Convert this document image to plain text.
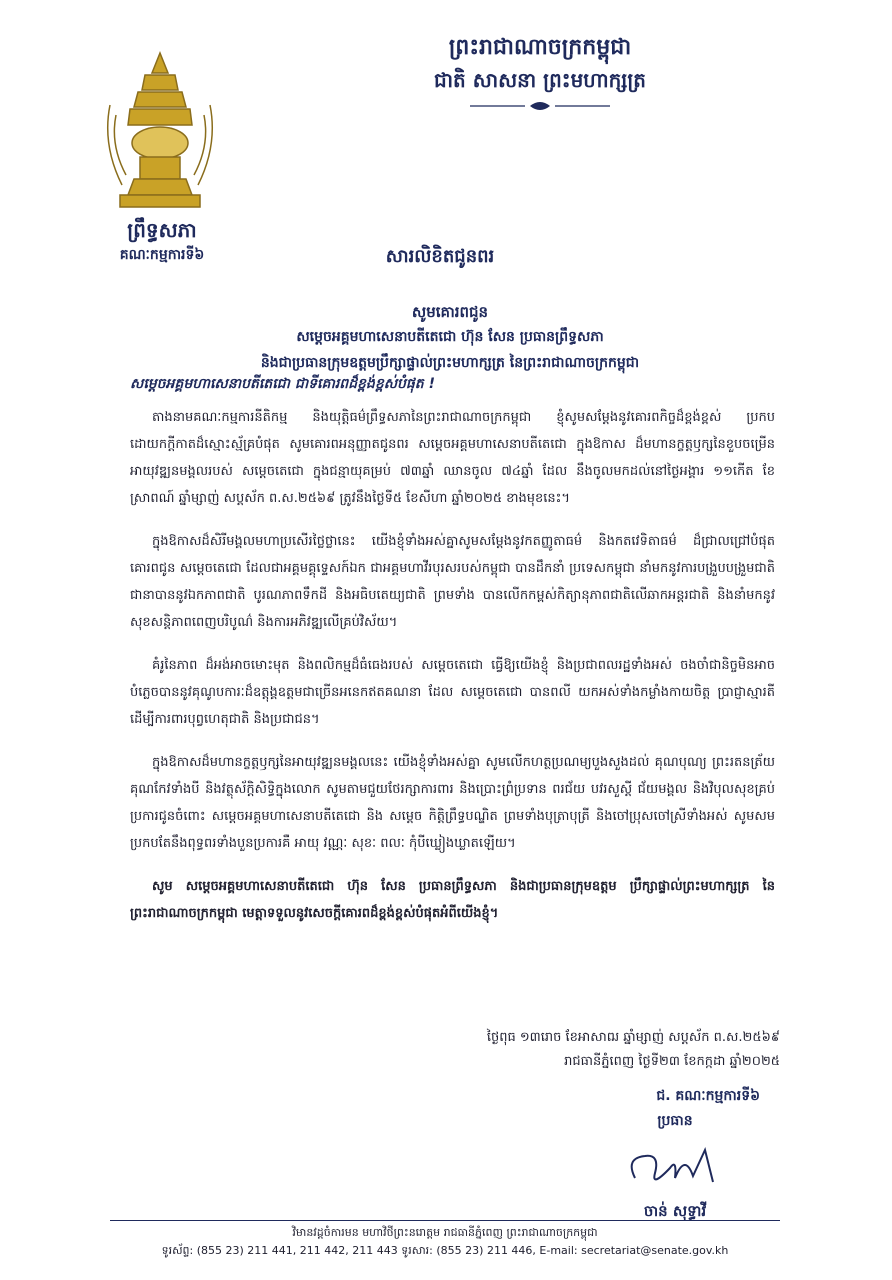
ព្រះរាជាណាចក្រកម្ពុជា
ជាតិ សាសនា ព្រះមហាក្សត្រ
ព្រឹទ្ធសភា
គណៈកម្មការទី៦	សារលិខិតជូនពរ
សូមគោរពជូន
សម្តេចអគ្គមហាសេនាបតីតេជោ ហ៊ុន សែន ប្រធានព្រឹទ្ធសភា
និងជាប្រធានក្រុមឧត្តមប្រឹក្សាផ្ទាល់ព្រះមហាក្សត្រ នៃព្រះរាជាណាចក្រកម្ពុជា
សម្តេចអគ្គមហាសេនាបតីតេជោ ជាទីគោរពដ៏ខ្ពង់ខ្ពស់បំផុត !

តាងនាមគណៈកម្មការនីតិកម្ម និងយុត្តិធម៌ព្រឹទ្ធសភានៃព្រះរាជាណាចក្រកម្ពុជា ខ្ញុំសូមសម្តែងនូវគោរពកិច្ចដ៏ខ្ពង់ខ្ពស់ ប្រកបដោយកក្តីកាតដ៏ស្មោះស្ម័គ្របំផុត សូមគោរពអនុញ្ញាតជូនពរ សម្តេចអគ្គមហាសេនាបតីតេជោ ក្នុងឱកាស ដ៏មហានក្ខត្តឫក្សនៃខួបចម្រើនអាយុវឌ្ឍនមង្គលរបស់ សម្តេចតេជោ ក្នុងជន្មាយុគម្រប់ ៧៣ឆ្នាំ ឈានចូល ៧៤ឆ្នាំ ដែល នឹងចូលមកដល់នៅថ្ងៃអង្គារ ១១កើត ខែស្រាពណ៍ ឆ្នាំម្សាញ់ សប្តស័ក ព.ស.២៥៦៩ ត្រូវនឹងថ្ងៃទី៥ ខែសីហា ឆ្នាំ២០២៥ ខាងមុខនេះ។

ក្នុងឱកាសដ៏សិរីមង្គលមហាប្រសើរថ្លៃថ្លានេះ យើងខ្ញុំទាំងអស់គ្នាសូមសម្តែងនូវកតញ្ញូតាធម៌ និងកតវេទិតាធម៌ ដ៏ជ្រាលជ្រៅបំផុតគោរពជូន សម្តេចតេជោ ដែលជាអគ្គមគ្គុទ្ទេសក៍ឯក ជាអគ្គមហាវីរបុរសរបស់កម្ពុជា បានដឹកនាំ ប្រទេសកម្ពុជា នាំមកនូវការបង្រួបបង្រួមជាតិ ជានាបាននូវឯកភាពជាតិ បូរណភាពទឹកដី និងអធិបតេយ្យជាតិ ព្រមទាំង បានលើកកម្ពស់កិត្យានុភាពជាតិលើឆាកអន្តរជាតិ និងនាំមកនូវសុខសន្តិភាពពេញបរិបូណ៌ និងការអភិវឌ្ឍលើគ្រប់វិស័យ។

គំរូនៃភាព ដ៏អង់អាចមោះមុត និងពលិកម្មដ៏ធំធេងរបស់ សម្តេចតេជោ ធ្វើឱ្យយើងខ្ញុំ និងប្រជាពលរដ្ឋទាំងអស់ ចងចាំជានិច្ចមិនអាចបំភ្លេចបាននូវគុណូបការៈដ៏ឧត្តុង្គឧត្តមជាច្រើនអនេកឥតគណនា ដែល សម្តេចតេជោ បានពលី យកអស់ទាំងកម្លាំងកាយចិត្ត ប្រាជ្ញាស្មារតី ដើម្បីការពារបុព្វហេតុជាតិ និងប្រជាជន។

ក្នុងឱកាសដ៏មហានក្ខត្តឫក្សនៃអាយុវឌ្ឍនមង្គលនេះ យើងខ្ញុំទាំងអស់គ្នា សូមលើកហត្ថប្រណម្យបួងសួងដល់ គុណបុណ្យ ព្រះរតនត្រ័យ គុណកែវទាំងបី និងវត្ថុស័ក្តិសិទ្ធិក្នុងលោក សូមតាមជួយថែរក្សាការពារ និងប្រោះព្រំប្រទាន ពរជ័យ បវរសួស្តី ជ័យមង្គល និងវិបុលសុខគ្រប់ប្រការជូនចំពោះ សម្តេចអគ្គមហាសេនាបតីតេជោ និង សម្តេច កិត្តិព្រឹទ្ធបណ្ឌិត ព្រមទាំងបុត្រាបុត្រី និងចៅប្រុសចៅស្រីទាំងអស់ សូមសមប្រកបតែនឹងពុទ្ធពរទាំងបួនប្រការគឺ អាយុ វណ្ណៈ សុខៈ ពលៈ កុំបីឃ្លៀងឃ្លាតឡើយ។

សូម សម្តេចអគ្គមហាសេនាបតីតេជោ ហ៊ុន សែន ប្រធានព្រឹទ្ធសភា និងជាប្រធានក្រុមឧត្តម ប្រឹក្សាផ្ទាល់ព្រះមហាក្សត្រ នៃព្រះរាជាណាចក្រកម្ពុជា មេត្តាទទួលនូវសេចក្តីគោរពដ៏ខ្ពង់ខ្ពស់បំផុតអំពីយើងខ្ញុំ។

ថ្ងៃពុធ ១៣រោច ខែអាសាឍ ឆ្នាំម្សាញ់ សប្តស័ក ព.ស.២៥៦៩
រាជធានីភ្នំពេញ ថ្ងៃទី២៣ ខែកក្កដា ឆ្នាំ២០២៥
ជ. គណៈកម្មការទី៦
ប្រធាន
ចាន់ សុទ្ធាវី
វិមានវដ្តចំការមន មហាវិថីព្រះនរោត្តម រាជធានីភ្នំពេញ ព្រះរាជាណាចក្រកម្ពុជា
ទូរស័ព្ទ: (855 23) 211 441, 211 442, 211 443 ទូរសារ: (855 23) 211 446, E-mail: secretariat@senate.gov.kh
